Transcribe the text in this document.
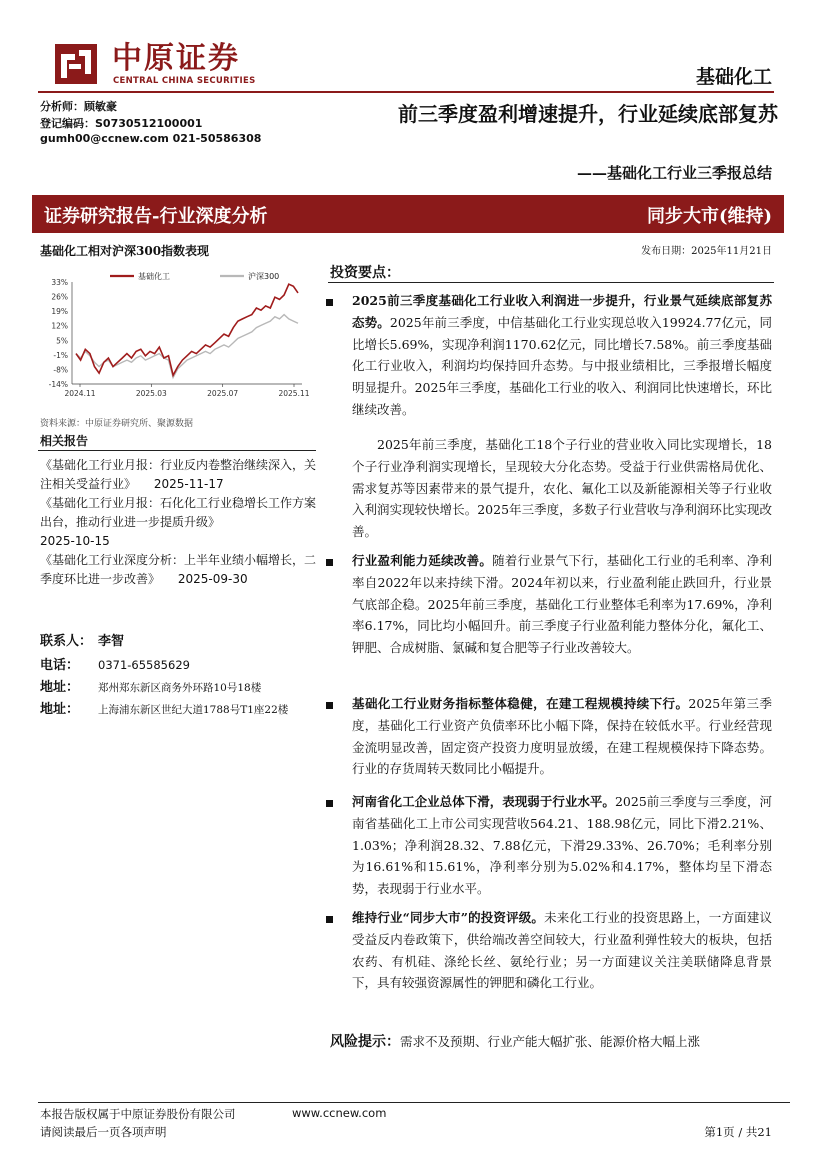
中原证券
CENTRAL CHINA SECURITIES	基础化工
分析师：顾敏豪
登记编码：S0730512100001
gumh00@ccnew.com 021-50586308
前三季度盈利增速提升，行业延续底部复苏
——基础化工行业三季报总结
证券研究报告-行业深度分析	同步大市(维持)
基础化工相对沪深300指数表现
33%
26%
19%
12%
5%
-1%
-8%
-14%
2024.11	2025.03	2025.07	2025.11
基础化工	沪深300
资料来源：中原证券研究所、聚源数据
相关报告
《基础化工行业月报：行业反内卷整治继续深入，关注相关受益行业》 2025-11-17
《基础化工行业月报：石化化工行业稳增长工作方案出台，推动行业进一步提质升级》
2025-10-15
《基础化工行业深度分析：上半年业绩小幅增长，二季度环比进一步改善》 2025-09-30
联系人： 李智
电话： 0371-65585629
地址： 郑州郑东新区商务外环路10号18楼
地址： 上海浦东新区世纪大道1788号T1座22楼
发布日期：2025年11月21日
投资要点：
2025前三季度基础化工行业收入利润进一步提升，行业景气延续底部复苏态势。2025年前三季度，中信基础化工行业实现总收入19924.77亿元，同比增长5.69%，实现净利润1170.62亿元，同比增长7.58%。前三季度基础化工行业收入，利润均均保持回升态势。与中报业绩相比，三季报增长幅度明显提升。2025年三季度，基础化工行业的收入、利润同比快速增长，环比继续改善。
2025年前三季度，基础化工18个子行业的营业收入同比实现增长，18个子行业净利润实现增长，呈现较大分化态势。受益于行业供需格局优化、需求复苏等因素带来的景气提升，农化、氟化工以及新能源相关等子行业收入利润实现较快增长。2025年三季度，多数子行业营收与净利润环比实现改善。
行业盈利能力延续改善。随着行业景气下行，基础化工行业的毛利率、净利率自2022年以来持续下滑。2024年初以来，行业盈利能止跌回升，行业景气底部企稳。2025年前三季度，基础化工行业整体毛利率为17.69%，净利率6.17%，同比均小幅回升。前三季度子行业盈利能力整体分化，氟化工、钾肥、合成树脂、氯碱和复合肥等子行业改善较大。
基础化工行业财务指标整体稳健，在建工程规模持续下行。2025年第三季度，基础化工行业资产负债率环比小幅下降，保持在较低水平。行业经营现金流明显改善，固定资产投资力度明显放缓，在建工程规模保持下降态势。行业的存货周转天数同比小幅提升。
河南省化工企业总体下滑，表现弱于行业水平。2025前三季度与三季度，河南省基础化工上市公司实现营收564.21、188.98亿元，同比下滑2.21%、1.03%；净利润28.32、7.88亿元，下滑29.33%、26.70%；毛利率分别为16.61%和15.61%，净利率分别为5.02%和4.17%，整体均呈下滑态势，表现弱于行业水平。
维持行业“同步大市”的投资评级。未来化工行业的投资思路上，一方面建议受益反内卷政策下，供给端改善空间较大，行业盈利弹性较大的板块，包括农药、有机硅、涤纶长丝、氨纶行业；另一方面建议关注美联储降息背景下，具有较强资源属性的钾肥和磷化工行业。
风险提示：需求不及预期、行业产能大幅扩张、能源价格大幅上涨
本报告版权属于中原证券股份有限公司	www.ccnew.com
请阅读最后一页各项声明	第1页 / 共21
